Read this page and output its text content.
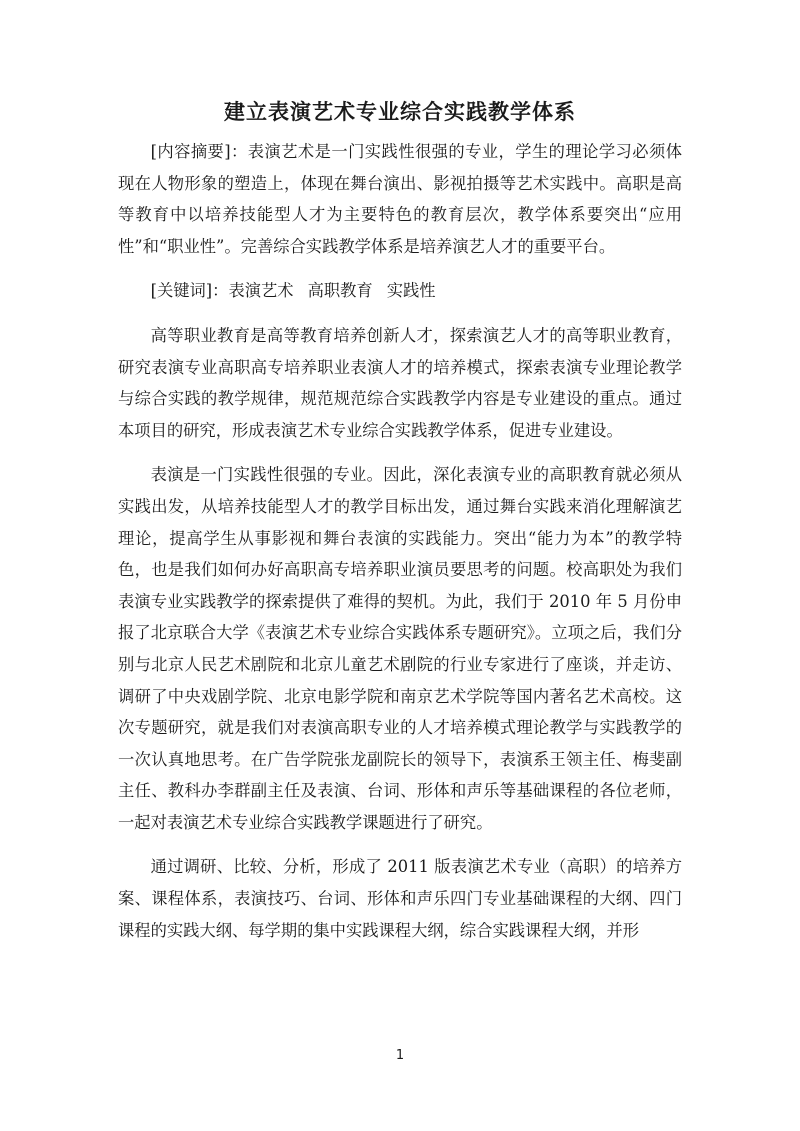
建立表演艺术专业综合实践教学体系

[内容摘要]：表演艺术是一门实践性很强的专业，学生的理论学习必须体现在人物形象的塑造上，体现在舞台演出、影视拍摄等艺术实践中。高职是高等教育中以培养技能型人才为主要特色的教育层次，教学体系要突出“应用性”和“职业性”。完善综合实践教学体系是培养演艺人才的重要平台。

[关键词]：表演艺术 高职教育 实践性

高等职业教育是高等教育培养创新人才，探索演艺人才的高等职业教育，研究表演专业高职高专培养职业表演人才的培养模式，探索表演专业理论教学与综合实践的教学规律，规范规范综合实践教学内容是专业建设的重点。通过本项目的研究，形成表演艺术专业综合实践教学体系，促进专业建设。

表演是一门实践性很强的专业。因此，深化表演专业的高职教育就必须从实践出发，从培养技能型人才的教学目标出发，通过舞台实践来消化理解演艺理论，提高学生从事影视和舞台表演的实践能力。突出“能力为本”的教学特色，也是我们如何办好高职高专培养职业演员要思考的问题。校高职处为我们表演专业实践教学的探索提供了难得的契机。为此，我们于 2010 年 5 月份申报了北京联合大学《表演艺术专业综合实践体系专题研究》。立项之后，我们分别与北京人民艺术剧院和北京儿童艺术剧院的行业专家进行了座谈，并走访、调研了中央戏剧学院、北京电影学院和南京艺术学院等国内著名艺术高校。这次专题研究，就是我们对表演高职专业的人才培养模式理论教学与实践教学的一次认真地思考。在广告学院张龙副院长的领导下，表演系王领主任、梅斐副主任、教科办李群副主任及表演、台词、形体和声乐等基础课程的各位老师，一起对表演艺术专业综合实践教学课题进行了研究。

通过调研、比较、分析，形成了 2011 版表演艺术专业（高职）的培养方案、课程体系，表演技巧、台词、形体和声乐四门专业基础课程的大纲、四门课程的实践大纲、每学期的集中实践课程大纲，综合实践课程大纲，并形

1
